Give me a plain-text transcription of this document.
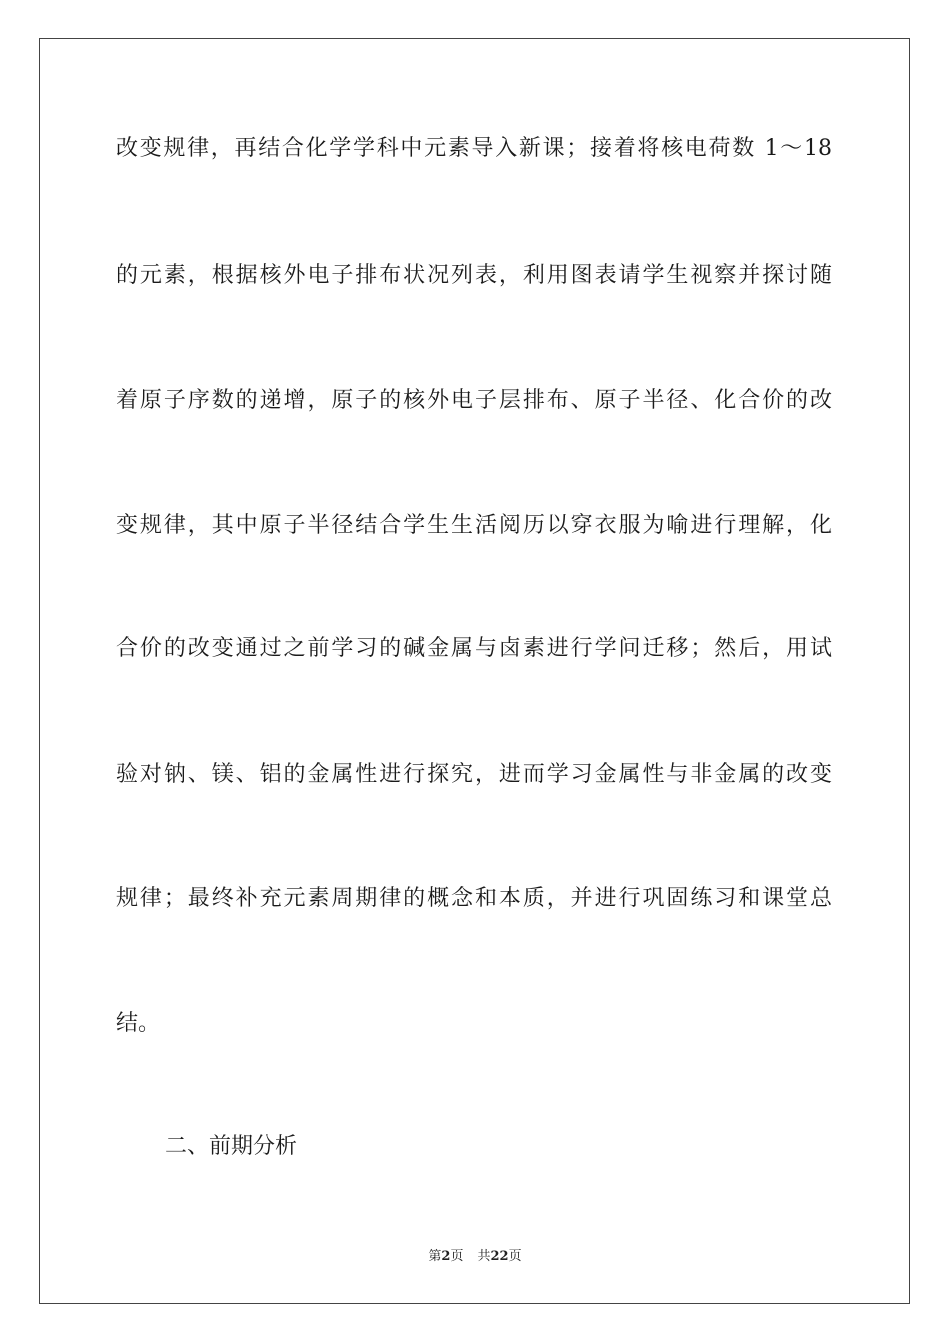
改变规律，再结合化学学科中元素导入新课；接着将核电荷数 1～18
的元素，根据核外电子排布状况列表，利用图表请学生视察并探讨随
着原子序数的递增，原子的核外电子层排布、原子半径、化合价的改
变规律，其中原子半径结合学生生活阅历以穿衣服为喻进行理解，化
合价的改变通过之前学习的碱金属与卤素进行学问迁移；然后，用试
验对钠、镁、铝的金属性进行探究，进而学习金属性与非金属的改变
规律；最终补充元素周期律的概念和本质，并进行巩固练习和课堂总
结。
二、前期分析
第2页 共22页
